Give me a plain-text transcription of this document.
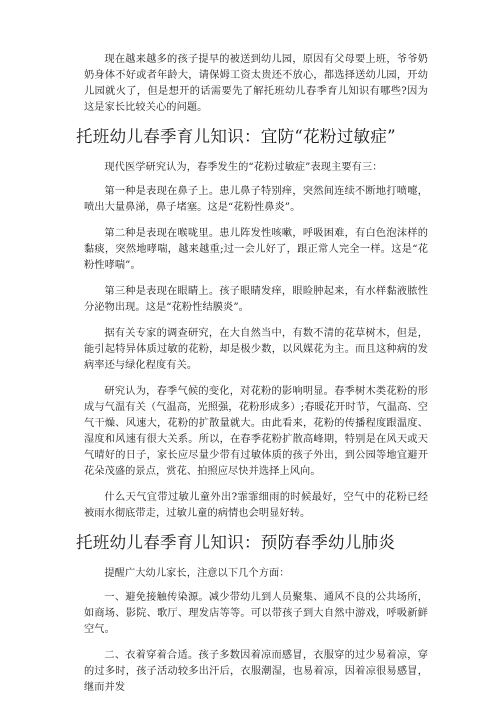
现在越来越多的孩子提早的被送到幼儿园，原因有父母要上班，爷爷奶奶身体不好或者年龄大，请保姆工资太贵还不放心，都选择送幼儿园，开幼儿园就火了，但是想开的话需要先了解托班幼儿春季育儿知识有哪些?因为这是家长比较关心的问题。

托班幼儿春季育儿知识：宜防“花粉过敏症”

现代医学研究认为，春季发生的“花粉过敏症”表现主要有三：

第一种是表现在鼻子上。患儿鼻子特别痒，突然间连续不断地打喷嚏，喷出大量鼻涕，鼻子堵塞。这是“花粉性鼻炎”。

第二种是表现在喉咙里。患儿阵发性咳嗽，呼吸困难，有白色泡沫样的黏痰，突然地哮喘，越来越重;过一会儿好了，跟正常人完全一样。这是“花粉性哮喘”。

第三种是表现在眼睛上。孩子眼睛发痒，眼睑肿起来，有水样黏液脓性分泌物出现。这是“花粉性结膜炎”。

据有关专家的调查研究，在大自然当中，有数不清的花草树木，但是，能引起特异体质过敏的花粉，却是极少数，以风媒花为主。而且这种病的发病率还与绿化程度有关。

研究认为，春季气候的变化，对花粉的影响明显。春季树木类花粉的形成与气温有关（气温高，光照强，花粉形成多）;春暖花开时节，气温高、空气干燥、风速大，花粉的扩散量就大。由此看来，花粉的传播程度跟温度、湿度和风速有很大关系。所以，在春季花粉扩散高峰期，特别是在风天或天气晴好的日子，家长应尽量少带有过敏体质的孩子外出，到公园等地宜避开花朵茂盛的景点，赏花、拍照应尽快并选择上风向。

什么天气宜带过敏儿童外出?霏霏细雨的时候最好，空气中的花粉已经被雨水彻底带走，过敏儿童的病情也会明显好转。

托班幼儿春季育儿知识：预防春季幼儿肺炎

提醒广大幼儿家长，注意以下几个方面：

一、避免接触传染源。减少带幼儿到人员聚集、通风不良的公共场所，如商场、影院、歌厅、理发店等等。可以带孩子到大自然中游戏，呼吸新鲜空气。

二、衣着穿着合适。孩子多数因着凉而感冒，衣服穿的过少易着凉，穿的过多时，孩子活动较多出汗后，衣服潮湿，也易着凉，因着凉很易感冒，继而并发
